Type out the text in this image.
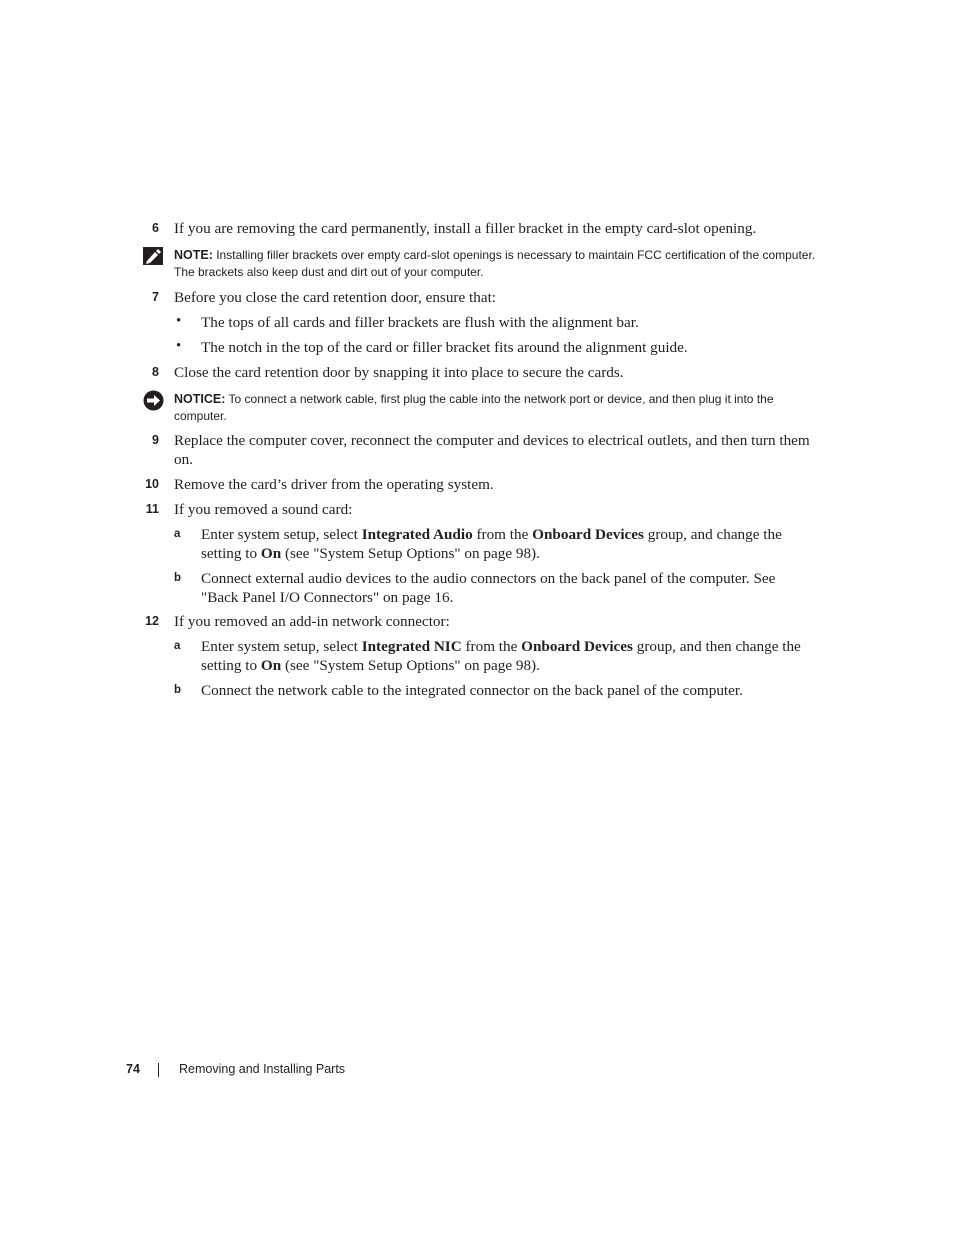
6 If you are removing the card permanently, install a filler bracket in the empty card-slot opening.
NOTE: Installing filler brackets over empty card-slot openings is necessary to maintain FCC certification of the computer. The brackets also keep dust and dirt out of your computer.
7 Before you close the card retention door, ensure that:
• The tops of all cards and filler brackets are flush with the alignment bar.
• The notch in the top of the card or filler bracket fits around the alignment guide.
8 Close the card retention door by snapping it into place to secure the cards.
NOTICE: To connect a network cable, first plug the cable into the network port or device, and then plug it into the computer.
9 Replace the computer cover, reconnect the computer and devices to electrical outlets, and then turn them on.
10 Remove the card’s driver from the operating system.
11 If you removed a sound card:
a Enter system setup, select Integrated Audio from the Onboard Devices group, and change the setting to On (see "System Setup Options" on page 98).
b Connect external audio devices to the audio connectors on the back panel of the computer. See "Back Panel I/O Connectors" on page 16.
12 If you removed an add-in network connector:
a Enter system setup, select Integrated NIC from the Onboard Devices group, and then change the setting to On (see "System Setup Options" on page 98).
b Connect the network cable to the integrated connector on the back panel of the computer.
74	Removing and Installing Parts
